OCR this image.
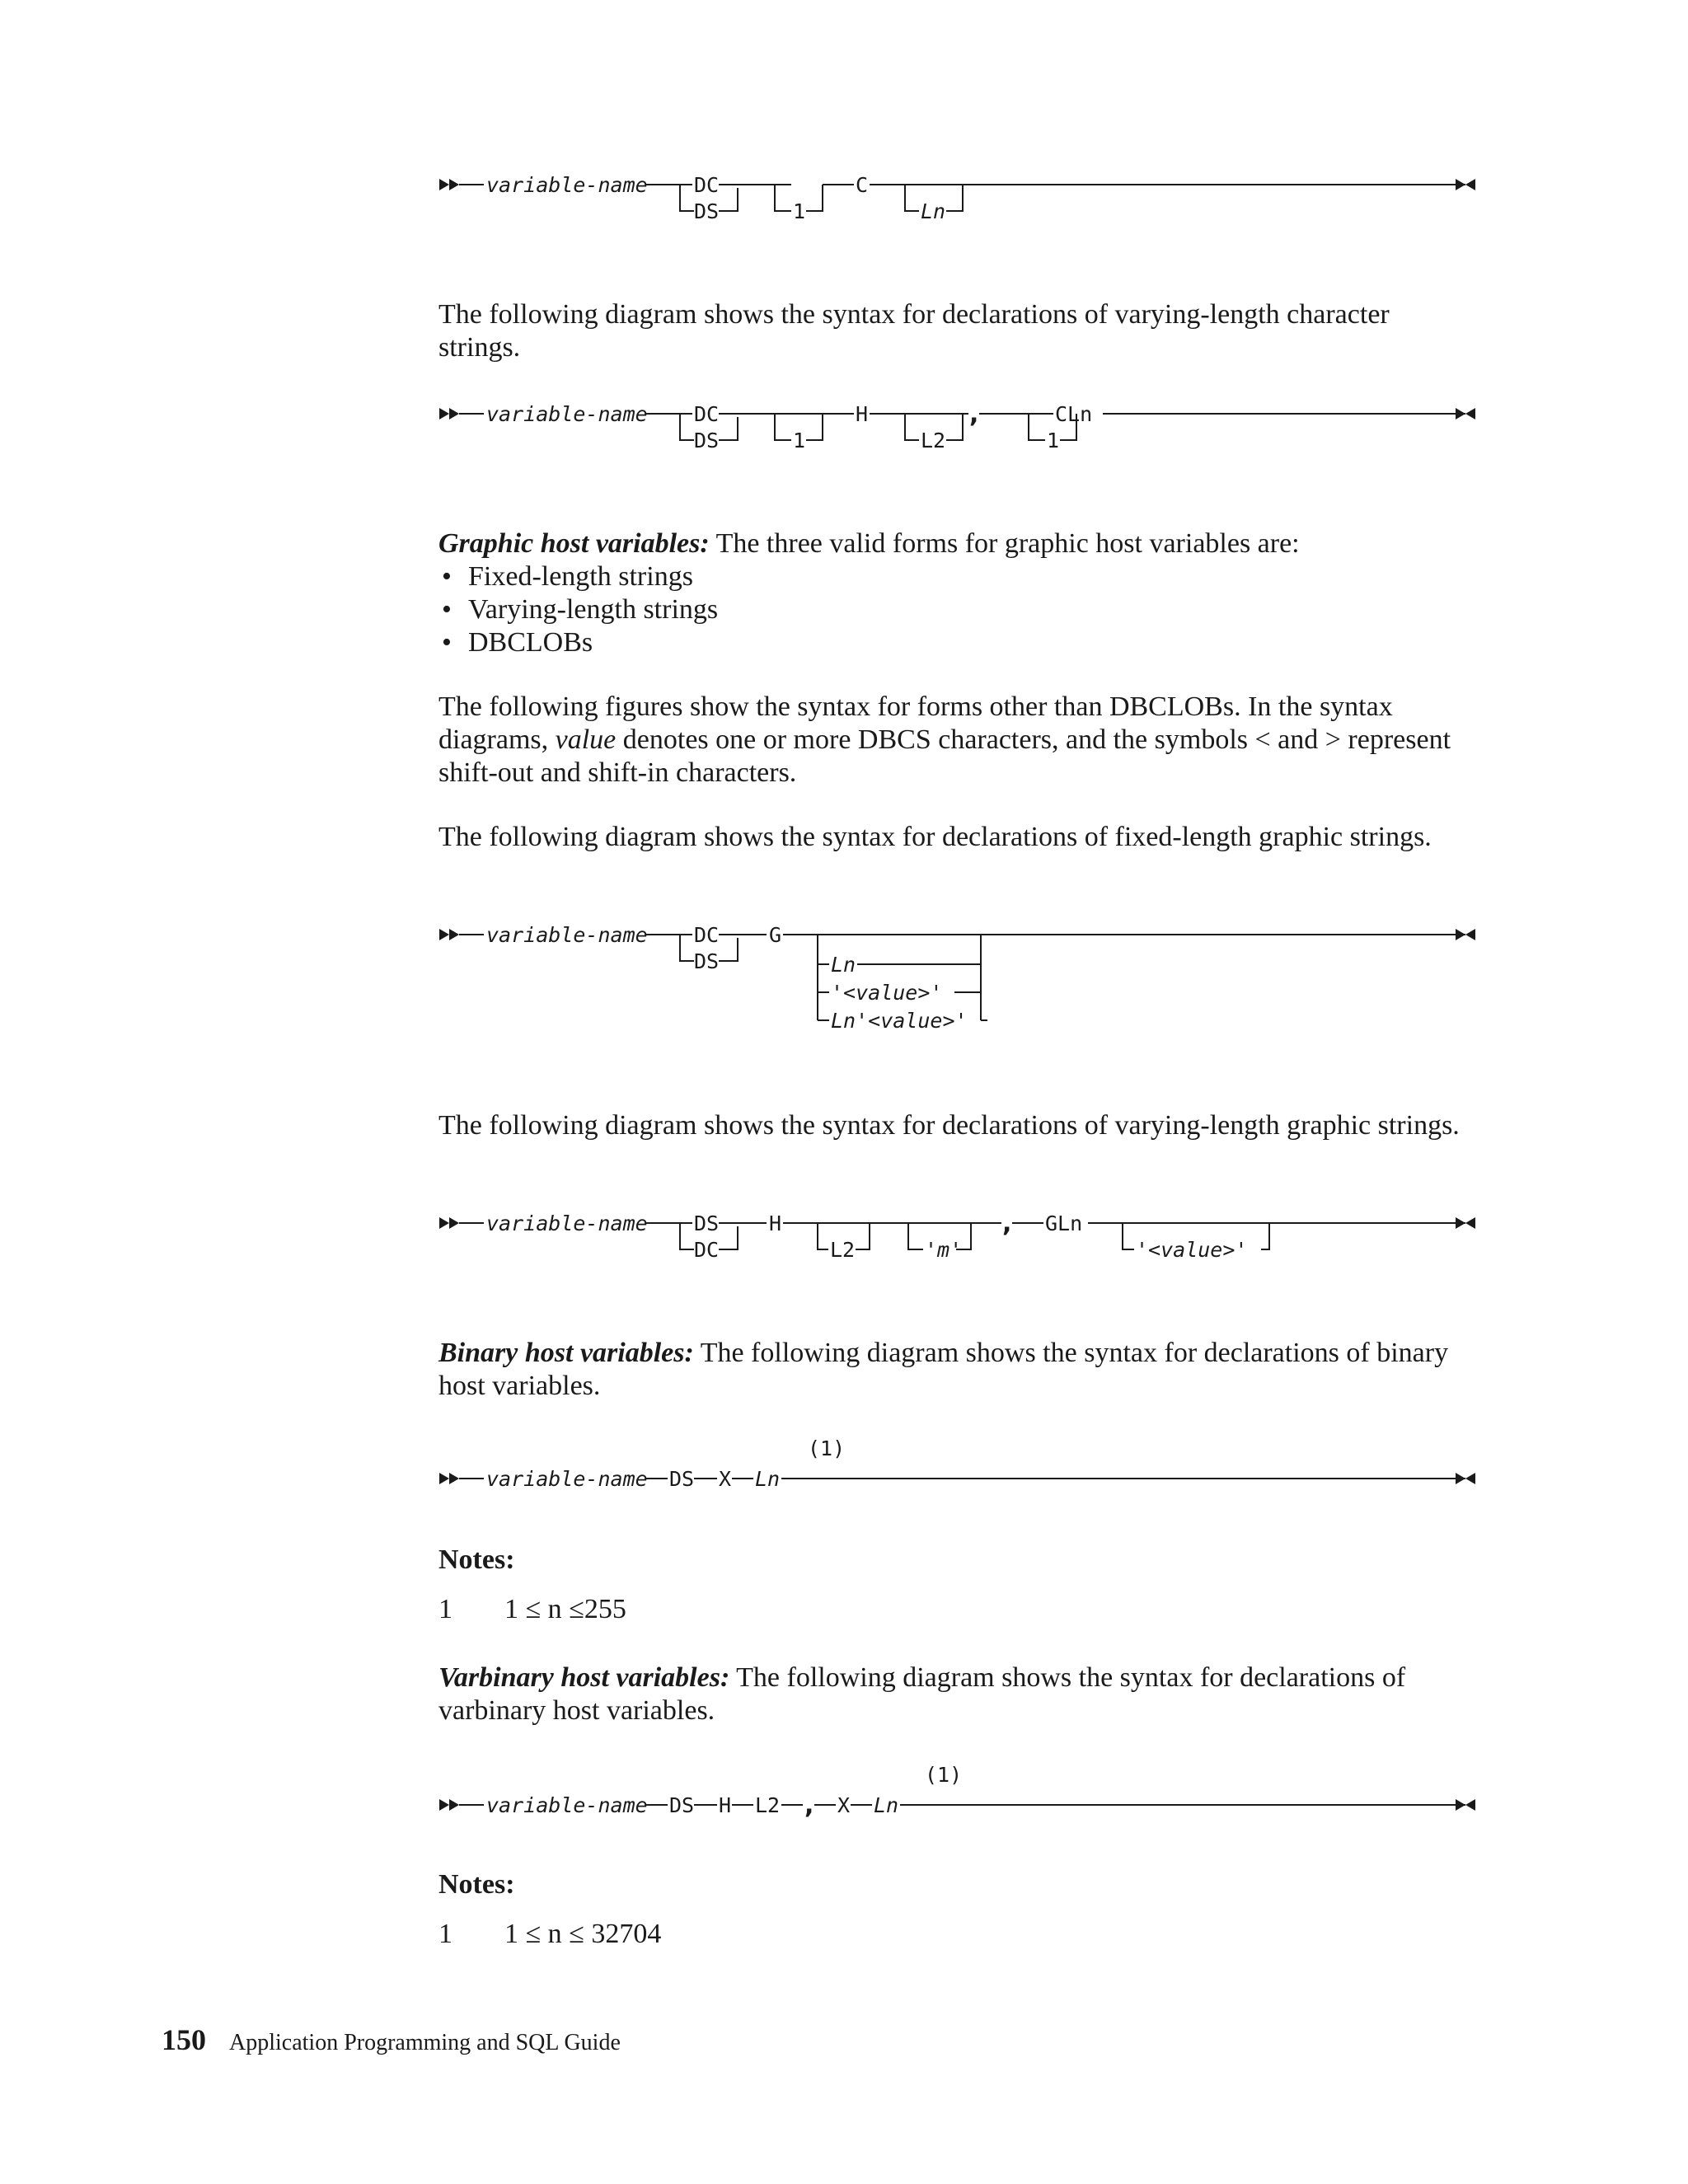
variable-name DC
DS	1
C
Ln

The following diagram shows the syntax for declarations of varying-length character strings.

variable-name DC
DS	1
H
L2
,
1
CLn

Graphic host variables: The three valid forms for graphic host variables are:

• Fixed-length strings
• Varying-length strings
• DBCLOBs

The following figures show the syntax for forms other than DBCLOBs. In the syntax diagrams, value denotes one or more DBCS characters, and the symbols < and > represent shift-out and shift-in characters.

The following diagram shows the syntax for declarations of fixed-length graphic strings.

variable-name DC
DS
G
Ln
'<value>'
Ln'<value>'

The following diagram shows the syntax for declarations of varying-length graphic strings.

variable-name DS
DC
H
L2	'm'
, GLn
'<value>'

Binary host variables: The following diagram shows the syntax for declarations of binary host variables.

(1)
variable-name DS X Ln
Notes:
1 1 ≤ n ≤255

Varbinary host variables: The following diagram shows the syntax for declarations of varbinary host variables.

(1)
variable-name DS H L2 , X Ln
Notes:
1 1 ≤ n ≤ 32704
150 Application Programming and SQL Guide
